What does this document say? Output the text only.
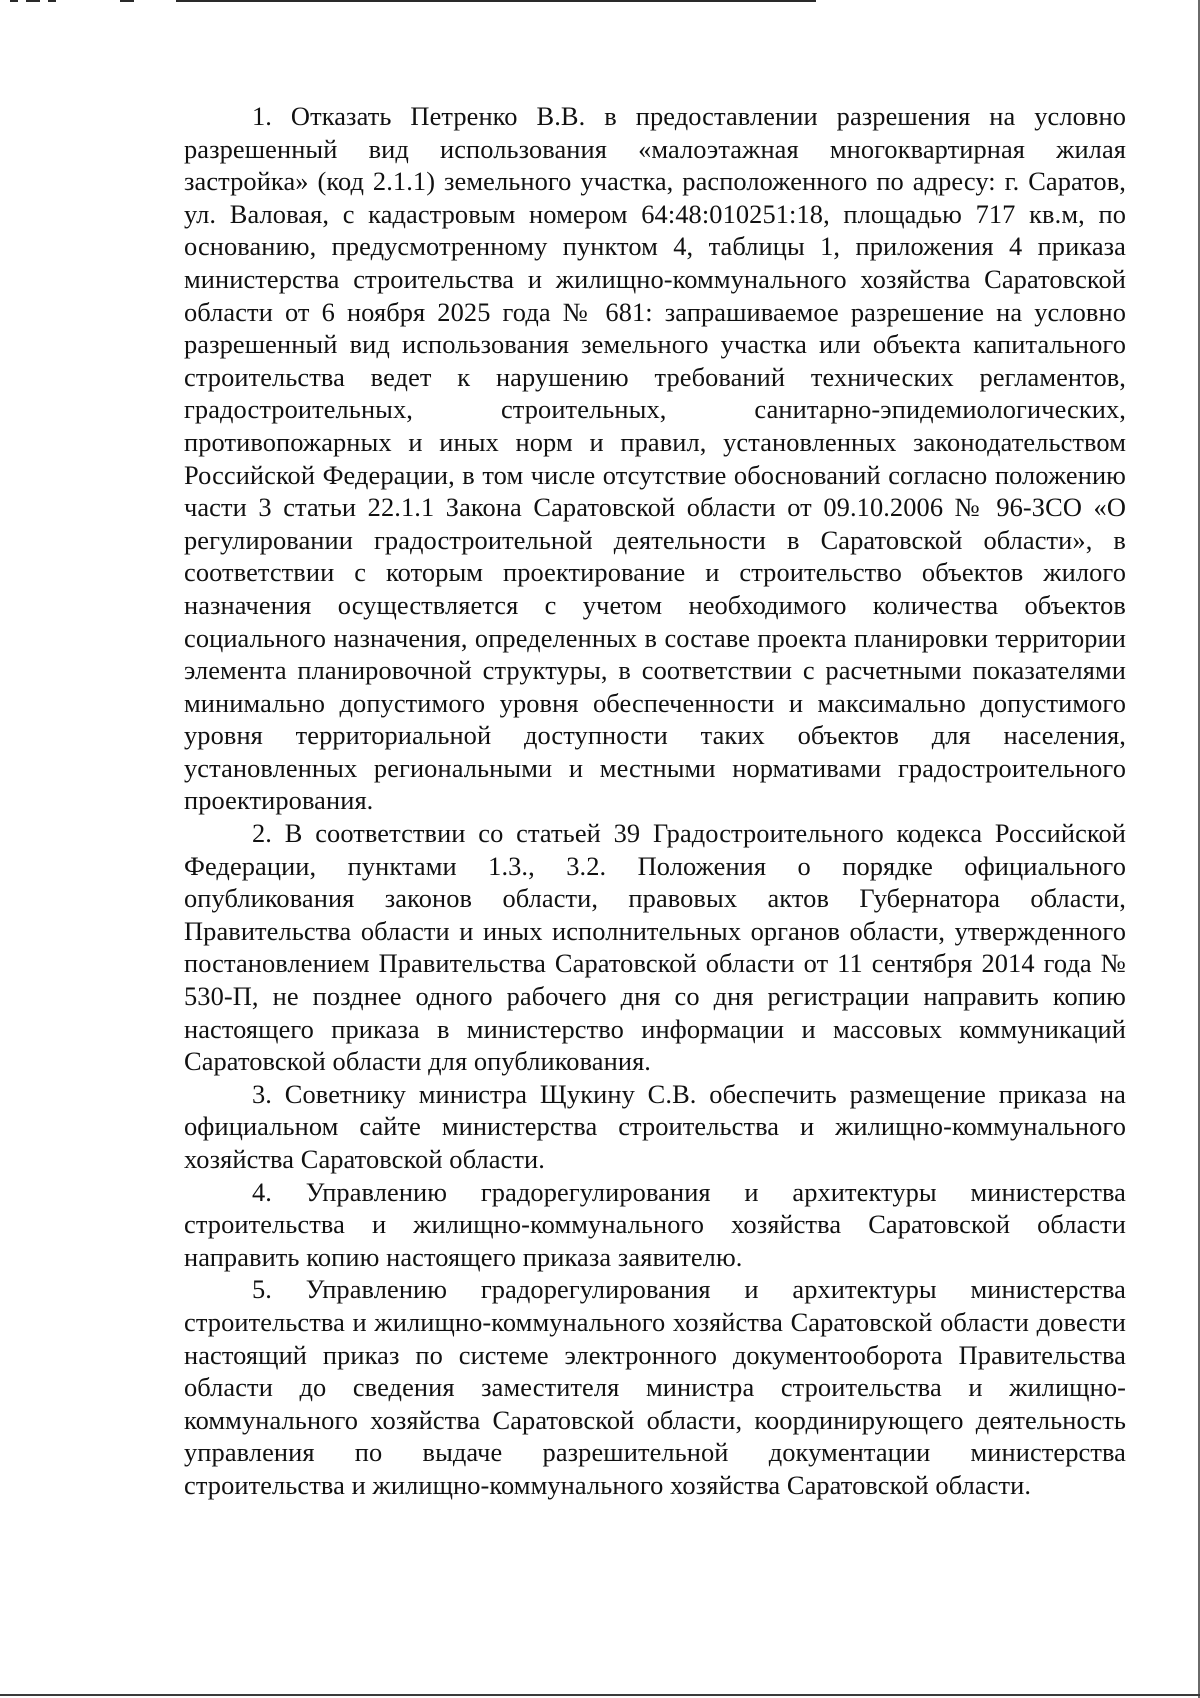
1. Отказать Петренко В.В. в предоставлении разрешения на условно разрешенный вид использования «малоэтажная многоквартирная жилая застройка» (код 2.1.1) земельного участка, расположенного по адресу: г. Саратов, ул. Валовая, с кадастровым номером 64:48:010251:18, площадью 717 кв.м, по основанию, предусмотренному пунктом 4, таблицы 1, приложения 4 приказа министерства строительства и жилищно-коммунального хозяйства Саратовской области от 6 ноября 2025 года № 681: запрашиваемое разрешение на условно разрешенный вид использования земельного участка или объекта капитального строительства ведет к нарушению требований технических регламентов, градостроительных, строительных, санитарно-эпидемиологических, противопожарных и иных норм и правил, установленных законодательством Российской Федерации, в том числе отсутствие обоснований согласно положению части 3 статьи 22.1.1 Закона Саратовской области от 09.10.2006 № 96-ЗСО «О регулировании градостроительной деятельности в Саратовской области», в соответствии с которым проектирование и строительство объектов жилого назначения осуществляется с учетом необходимого количества объектов социального назначения, определенных в составе проекта планировки территории элемента планировочной структуры, в соответствии с расчетными показателями минимально допустимого уровня обеспеченности и максимально допустимого уровня территориальной доступности таких объектов для населения, установленных региональными и местными нормативами градостроительного проектирования.

2. В соответствии со статьей 39 Градостроительного кодекса Российской Федерации, пунктами 1.3., 3.2. Положения о порядке официального опубликования законов области, правовых актов Губернатора области, Правительства области и иных исполнительных органов области, утвержденного постановлением Правительства Саратовской области от 11 сентября 2014 года № 530-П, не позднее одного рабочего дня со дня регистрации направить копию настоящего приказа в министерство информации и массовых коммуникаций Саратовской области для опубликования.

3. Советнику министра Щукину С.В. обеспечить размещение приказа на официальном сайте министерства строительства и жилищно-коммунального хозяйства Саратовской области.

4. Управлению градорегулирования и архитектуры министерства строительства и жилищно-коммунального хозяйства Саратовской области направить копию настоящего приказа заявителю.

5. Управлению градорегулирования и архитектуры министерства строительства и жилищно-коммунального хозяйства Саратовской области довести настоящий приказ по системе электронного документооборота Правительства области до сведения заместителя министра строительства и жилищно-коммунального хозяйства Саратовской области, координирующего деятельность управления по выдаче разрешительной документации министерства строительства и жилищно-коммунального хозяйства Саратовской области.
